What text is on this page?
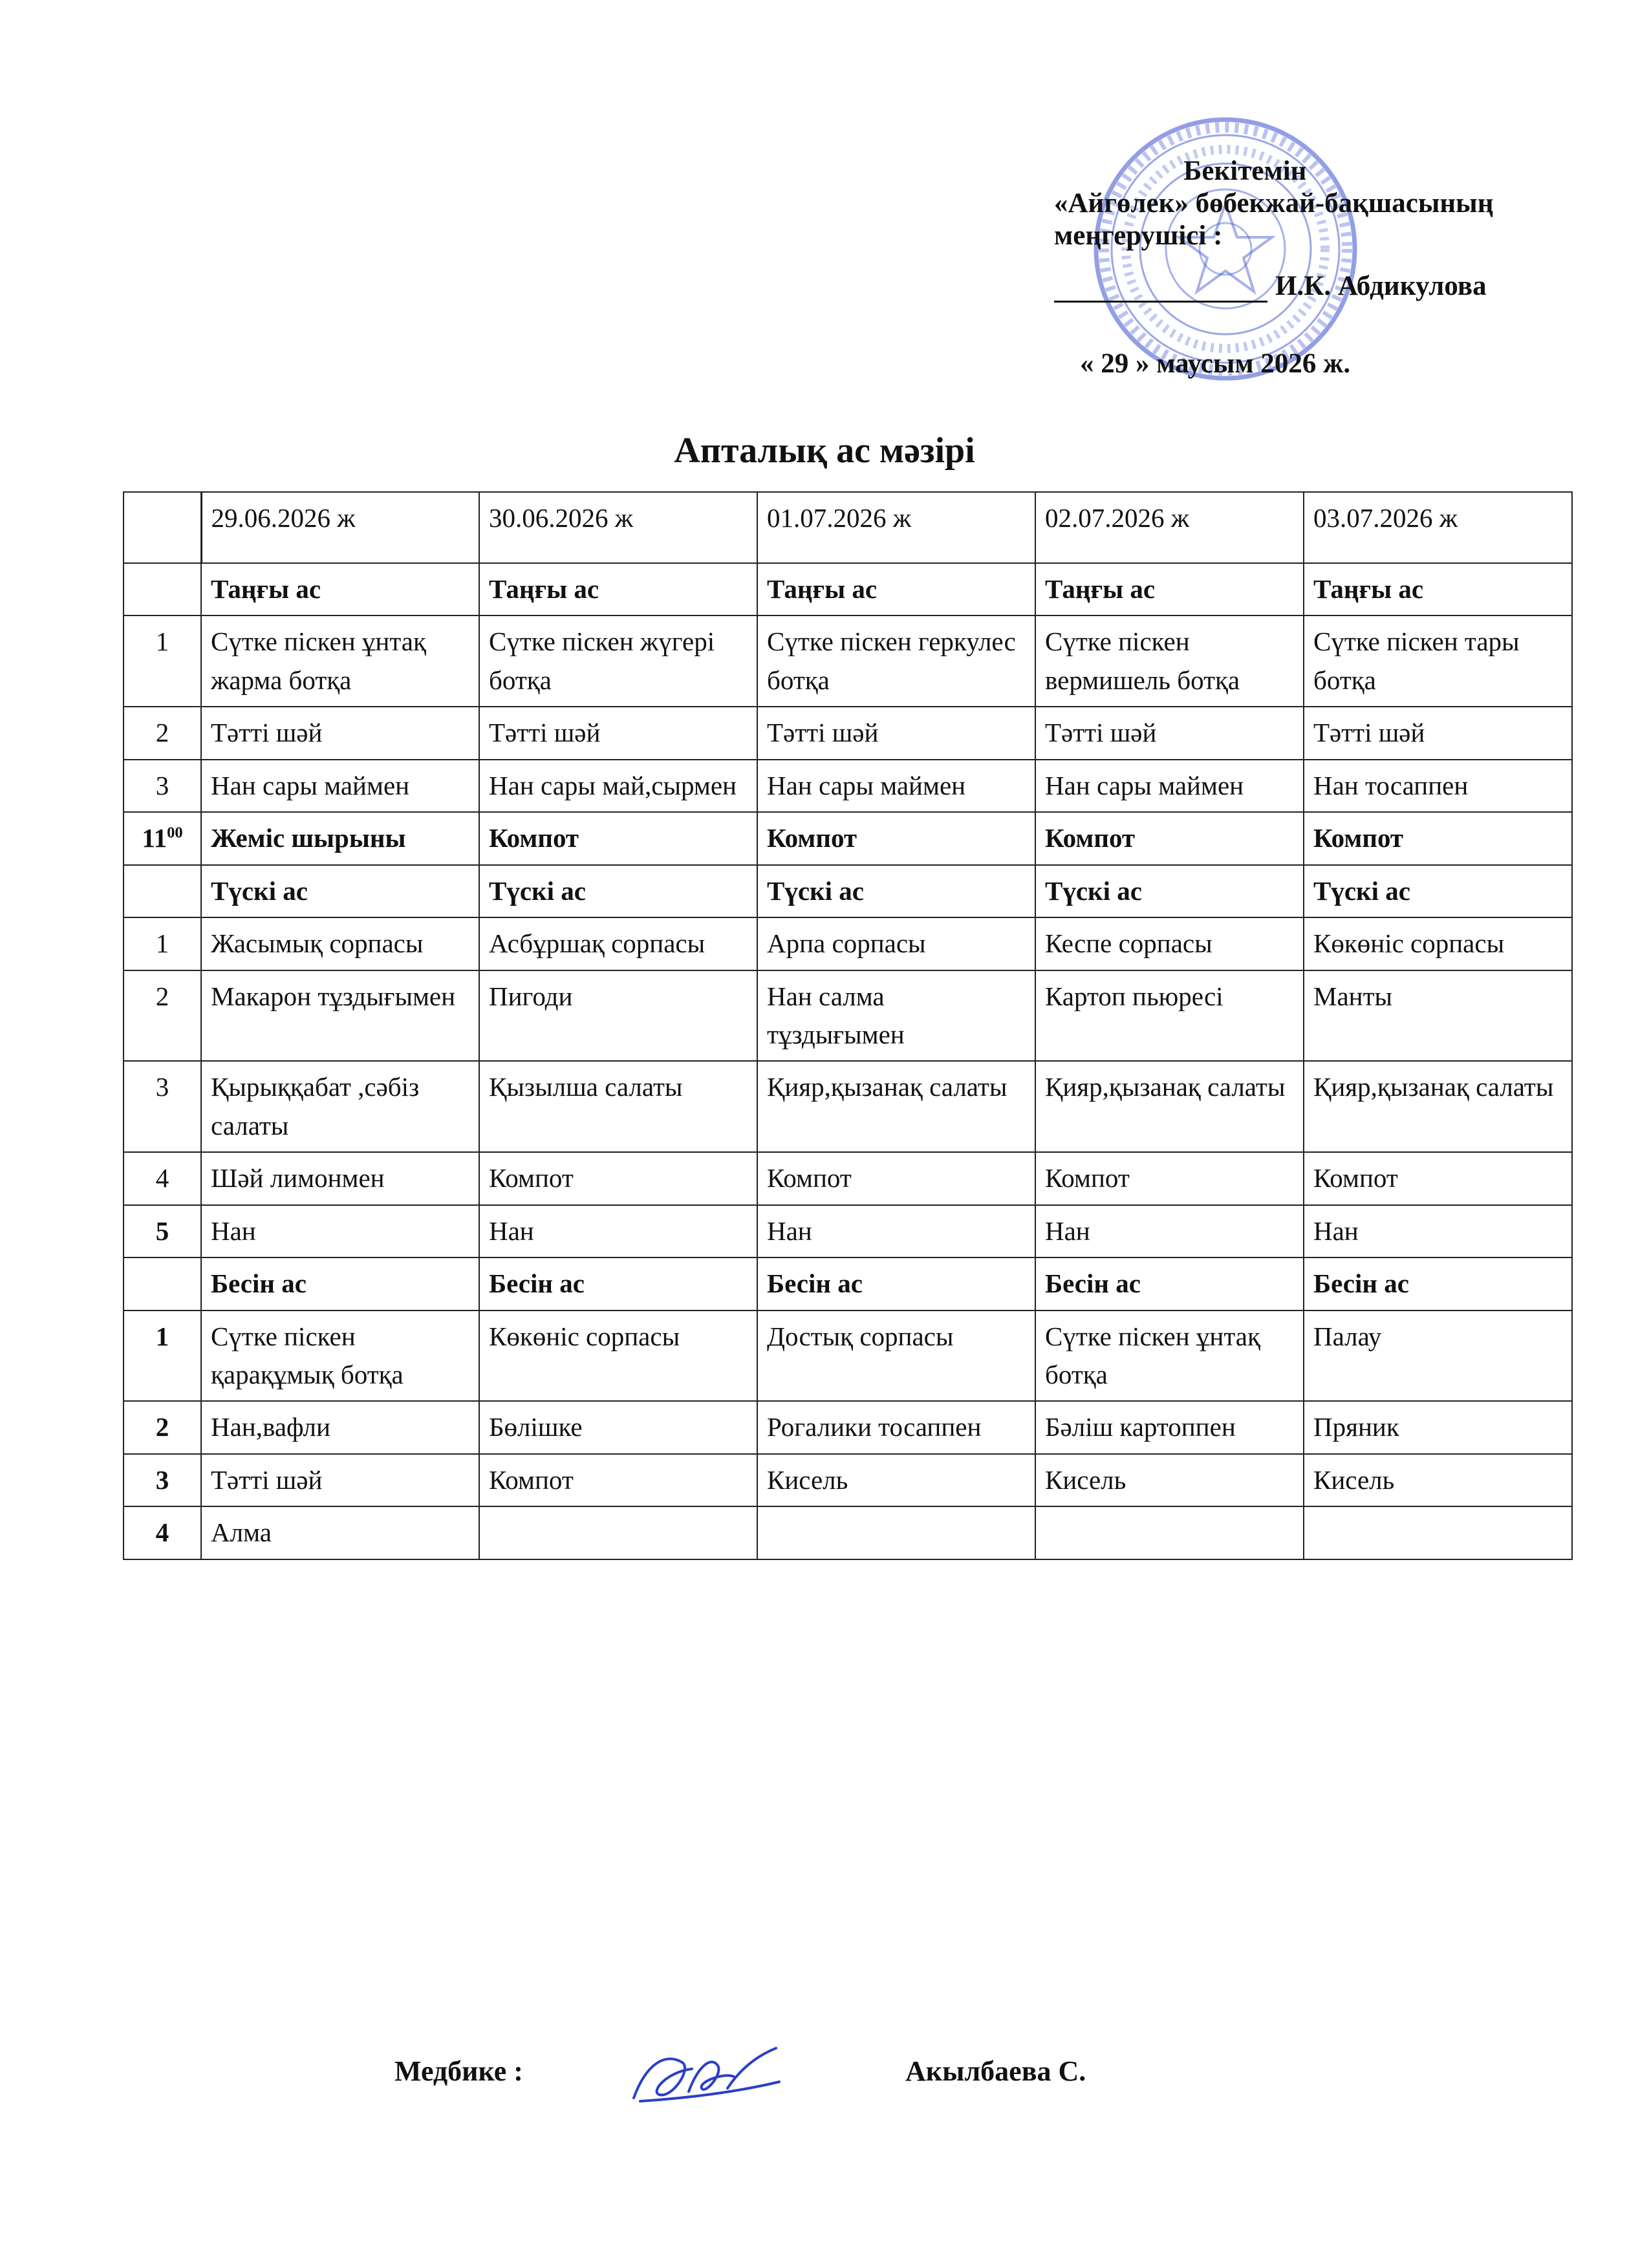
Бекітемін
«Айгөлек» бөбекжай-бақшасының
меңгерушісі :
И.К. Абдикулова
« 29 » маусым 2026 ж.
Апталық ас мәзірі
	29.06.2026 ж	30.06.2026 ж	01.07.2026 ж	02.07.2026 ж	03.07.2026 ж
	Таңғы ас	Таңғы ас	Таңғы ас	Таңғы ас	Таңғы ас
1	Сүтке піскен ұнтақ жарма ботқа	Сүтке піскен жүгері ботқа	Сүтке піскен геркулес ботқа	Сүтке піскен вермишель ботқа	Сүтке піскен тары ботқа
2	Тәтті шәй	Тәтті шәй	Тәтті шәй	Тәтті шәй	Тәтті шәй
3	Нан сары маймен	Нан сары май,сырмен	Нан сары маймен	Нан сары маймен	Нан тосаппен
$11^{00}$	Жеміс шырыны	Компот	Компот	Компот	Компот
	Түскі ас	Түскі ас	Түскі ас	Түскі ас	Түскі ас
1	Жасымық сорпасы	Асбұршақ сорпасы	Арпа сорпасы	Кеспе сорпасы	Көкөніс сорпасы
2	Макарон тұздығымен	Пигоди	Нан салма тұздығымен	Картоп пьюресі	Манты
3	Қырыққабат ,сәбіз салаты	Қызылша салаты	Қияр,қызанақ салаты	Қияр,қызанақ салаты	Қияр,қызанақ салаты
4	Шәй лимонмен	Компот	Компот	Компот	Компот
5	Нан	Нан	Нан	Нан	Нан
	Бесін ас	Бесін ас	Бесін ас	Бесін ас	Бесін ас
1	Сүтке піскен қарақұмық ботқа	Көкөніс сорпасы	Достық сорпасы	Сүтке піскен ұнтақ ботқа	Палау
2	Нан,вафли	Бөлішке	Рогалики тосаппен	Бәліш картоппен	Пряник
3	Тәтті шәй	Компот	Кисель	Кисель	Кисель
4	Алма				
Медбике :	Акылбаева С.
